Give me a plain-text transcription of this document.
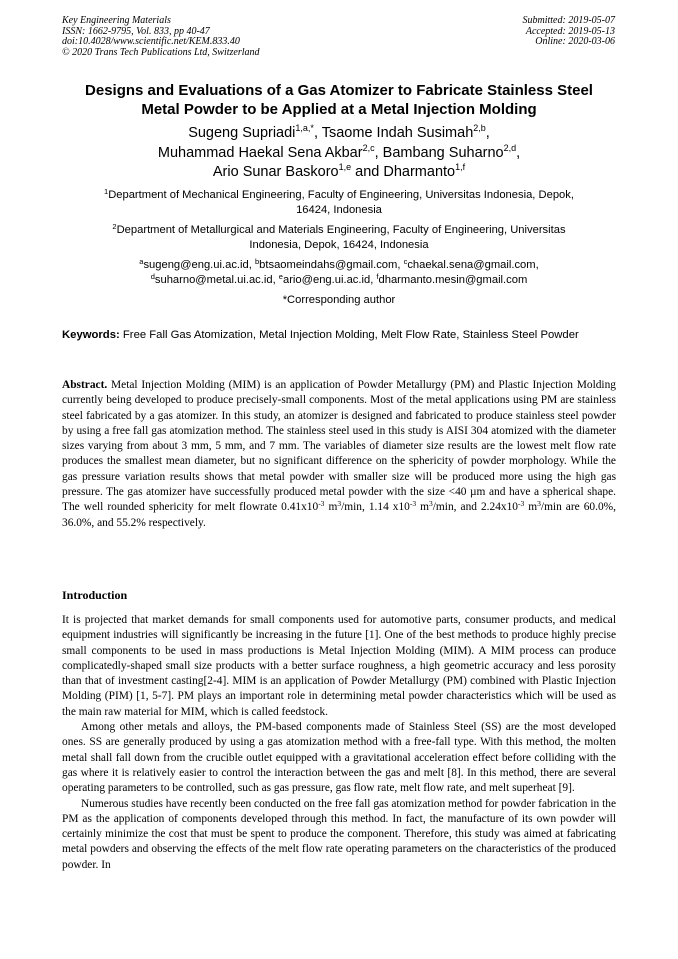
Key Engineering Materials
ISSN: 1662-9795, Vol. 833, pp 40-47
doi:10.4028/www.scientific.net/KEM.833.40
© 2020 Trans Tech Publications Ltd, Switzerland
Submitted: 2019-05-07
Accepted: 2019-05-13
Online: 2020-03-06
Designs and Evaluations of a Gas Atomizer to Fabricate Stainless Steel
Metal Powder to be Applied at a Metal Injection Molding
Sugeng Supriadi$^{1,a,*}$, Tsaome Indah Susimah$^{2,b}$,
Muhammad Haekal Sena Akbar$^{2,c}$, Bambang Suharno$^{2,d}$,
Ario Sunar Baskoro$^{1,e}$ and Dharmanto$^{1,f}$
$^1$Department of Mechanical Engineering, Faculty of Engineering, Universitas Indonesia, Depok,
16424, Indonesia
$^2$Department of Metallurgical and Materials Engineering, Faculty of Engineering, Universitas
Indonesia, Depok, 16424, Indonesia
$^a$sugeng@eng.ui.ac.id, $^b$btsaomeindahs@gmail.com, $^c$chaekal.sena@gmail.com,
$^d$suharno@metal.ui.ac.id, $^e$ario@eng.ui.ac.id, $^f$dharmanto.mesin@gmail.com
*Corresponding author
Keywords: Free Fall Gas Atomization, Metal Injection Molding, Melt Flow Rate, Stainless Steel Powder

Abstract. Metal Injection Molding (MIM) is an application of Powder Metallurgy (PM) and Plastic Injection Molding currently being developed to produce precisely-small components. Most of the metal applications using PM are stainless steel fabricated by a gas atomizer. In this study, an atomizer is designed and fabricated to produce stainless steel powder by using a free fall gas atomization method. The stainless steel used in this study is AISI 304 atomized with the diameter sizes varying from about 3 mm, 5 mm, and 7 mm. The variables of diameter size results are the lowest melt flow rate produces the smallest mean diameter, but no significant difference on the sphericity of powder morphology. While the gas pressure variation results shows that metal powder with smaller size will be produced more using the high gas pressure. The gas atomizer have successfully produced metal powder with the size <40 µm and have a spherical shape. The well rounded sphericity for melt flowrate $0.41x10^{-3}$ $m^3/\min$, 1.14 $x10^{-3}$ $m^3/\min$, and $2.24x10^{-3}$ $m^3/\min$ are 60.0%, 36.0%, and 55.2% respectively.

Introduction

It is projected that market demands for small components used for automotive parts, consumer products, and medical equipment industries will significantly be increasing in the future [1]. One of the best methods to produce highly precise small components to be used in mass productions is Metal Injection Molding (MIM). A MIM process can produce complicatedly-shaped small size products with a better surface roughness, a high geometric accuracy and less porosity than that of investment casting[2-4]. MIM is an application of Powder Metallurgy (PM) combined with Plastic Injection Molding (PIM) [1, 5-7]. PM plays an important role in determining metal powder characteristics which will be used as the main raw material for MIM, which is called feedstock.

Among other metals and alloys, the PM-based components made of Stainless Steel (SS) are the most developed ones. SS are generally produced by using a gas atomization method with a free-fall type. With this method, the molten metal shall fall down from the crucible outlet equipped with a gravitational acceleration effect before colliding with the gas where it is relatively easier to control the interaction between the gas and melt [8]. In this method, there are several operating parameters to be controlled, such as gas pressure, gas flow rate, melt flow rate, and melt superheat [9].

Numerous studies have recently been conducted on the free fall gas atomization method for powder fabrication in the PM as the application of components developed through this method. In fact, the manufacture of its own powder will certainly minimize the cost that must be spent to produce the component. Therefore, this study was aimed at fabricating metal powders and observing the effects of the melt flow rate operating parameters on the characteristics of the produced powder. In
